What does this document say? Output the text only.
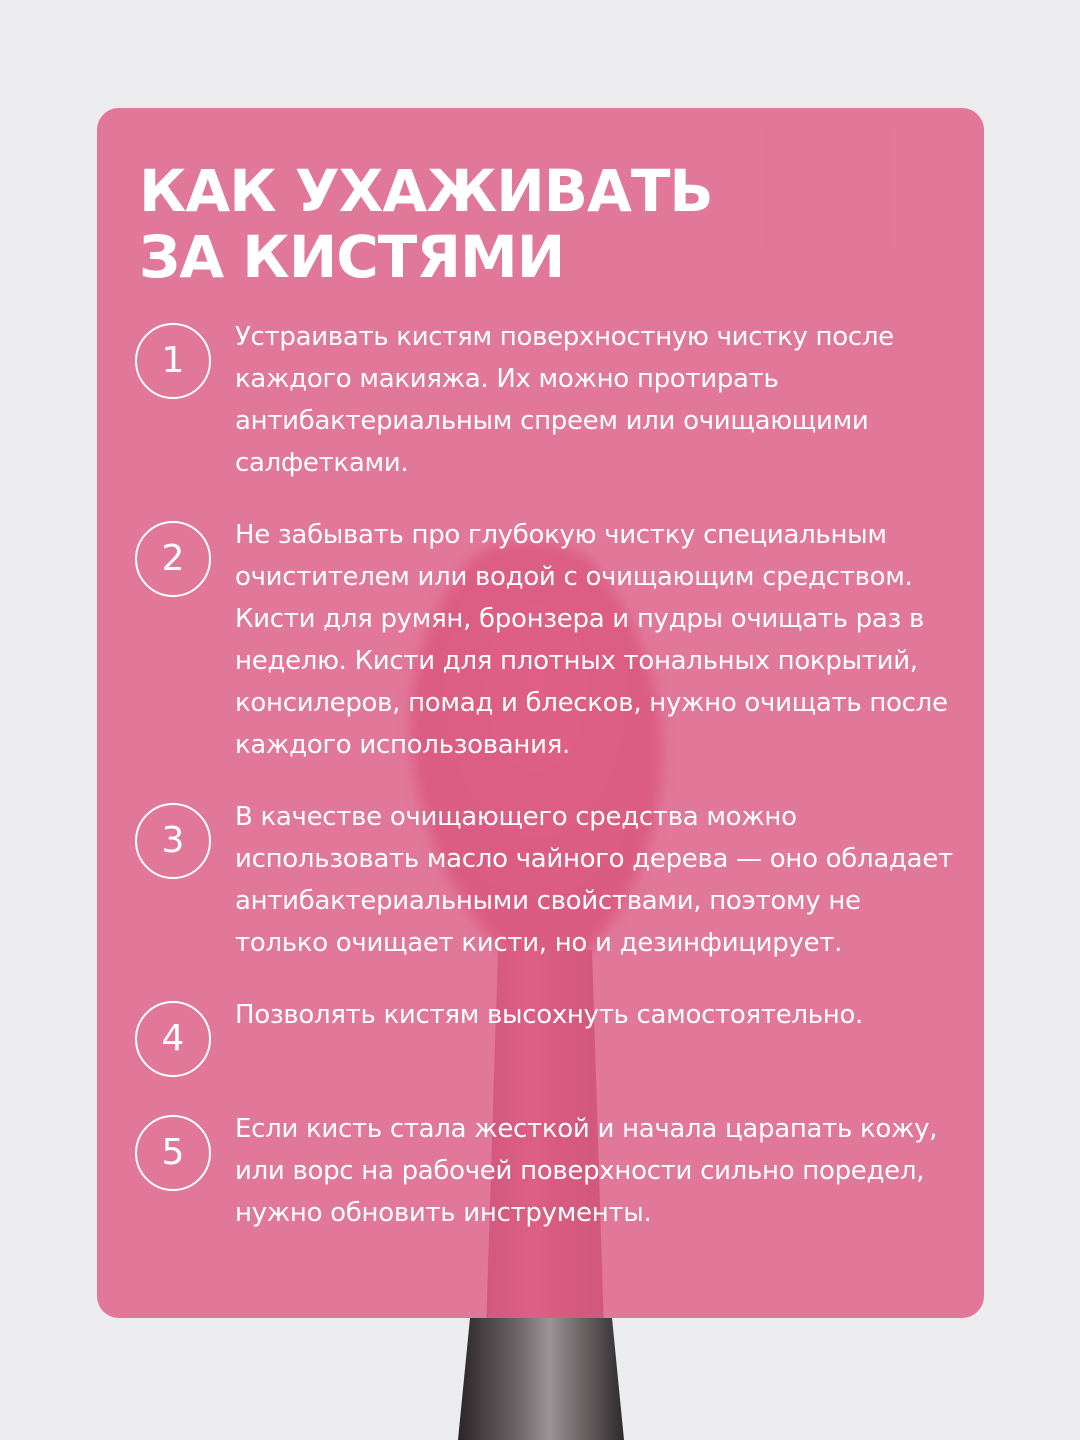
КАК УХАЖИВАТЬ
ЗА КИСТЯМИ
1

Устраивать кистям поверхностную чистку после каждого макияжа. Их можно протирать антибактериальным спреем или очищающими салфетками.

2

Не забывать про глубокую чистку специальным очистителем или водой с очищающим средством. Кисти для румян, бронзера и пудры очищать раз в неделю. Кисти для плотных тональных покрытий, консилеров, помад и блесков, нужно очищать после каждого использования.

3

В качестве очищающего средства можно использовать масло чайного дерева — оно обладает антибактериальными свойствами, поэтому не только очищает кисти, но и дезинфицирует.

4

Позволять кистям высохнуть самостоятельно.

5

Если кисть стала жесткой и начала царапать кожу, или ворс на рабочей поверхности сильно поредел, нужно обновить инструменты.
